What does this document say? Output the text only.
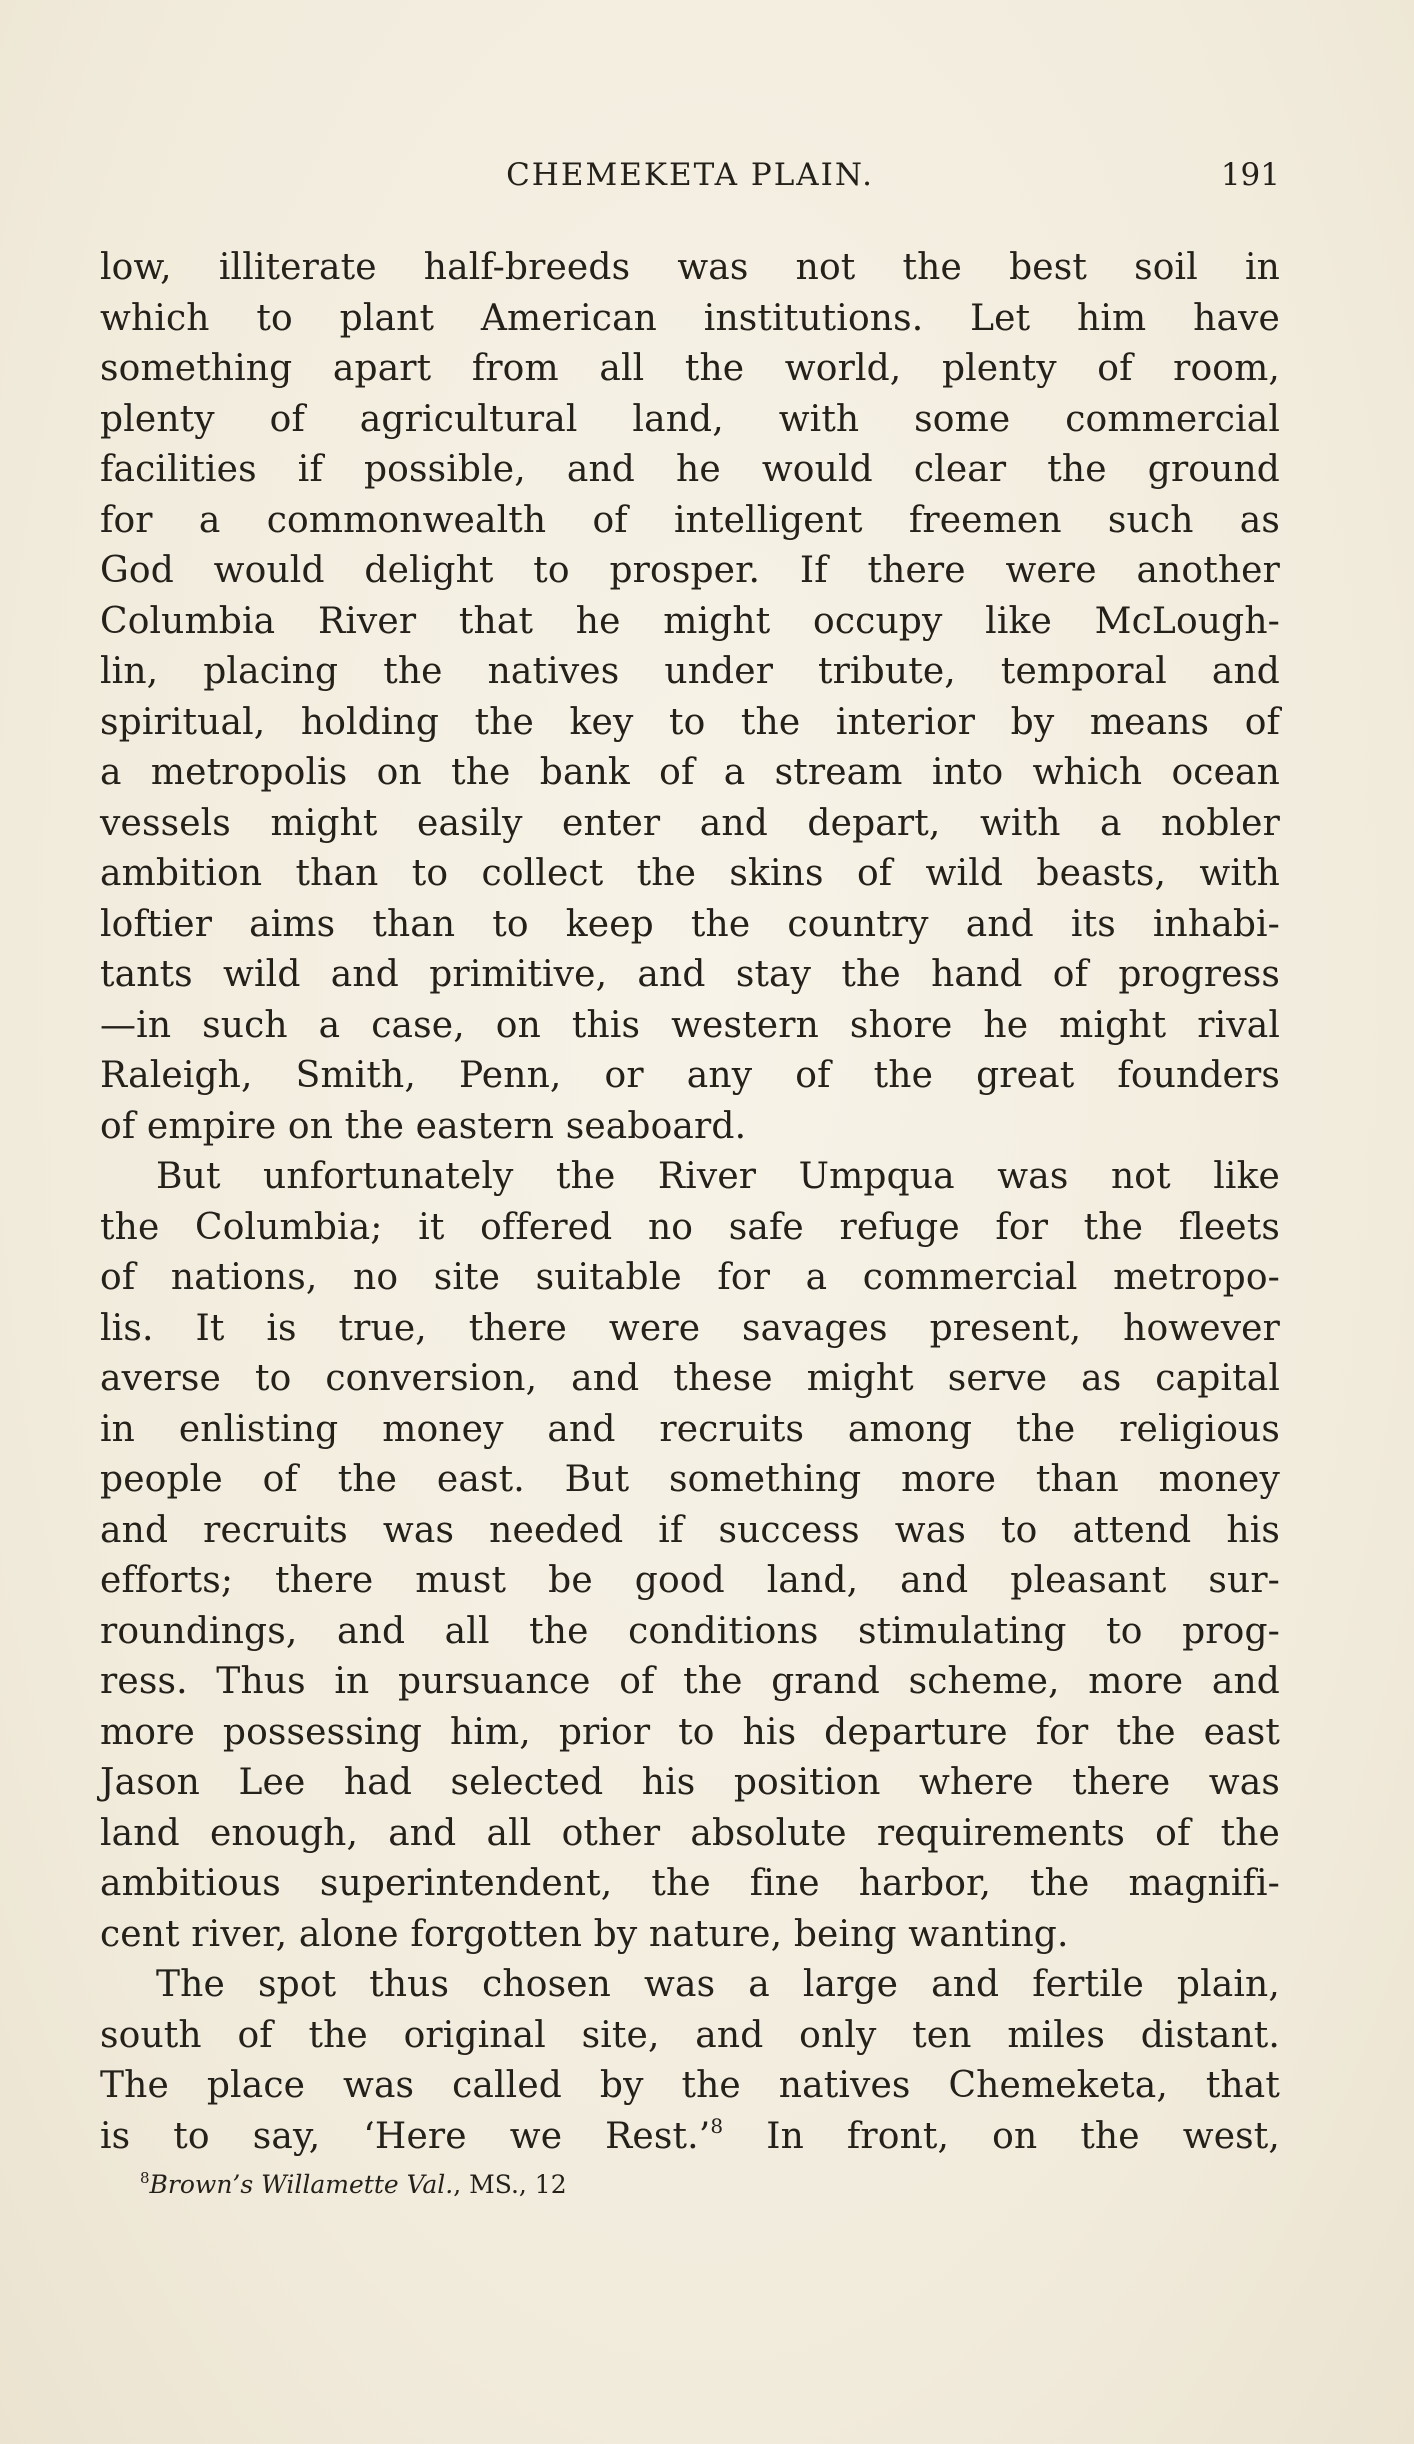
CHEMEKETA PLAIN.	191
low, illiterate half-breeds was not the best soil in
which to plant American institutions. Let him have
something apart from all the world, plenty of room,
plenty of agricultural land, with some commercial
facilities if possible, and he would clear the ground
for a commonwealth of intelligent freemen such as
God would delight to prosper. If there were another
Columbia River that he might occupy like McLough-
lin, placing the natives under tribute, temporal and
spiritual, holding the key to the interior by means of
a metropolis on the bank of a stream into which ocean
vessels might easily enter and depart, with a nobler
ambition than to collect the skins of wild beasts, with
loftier aims than to keep the country and its inhabi-
tants wild and primitive, and stay the hand of progress
—in such a case, on this western shore he might rival
Raleigh, Smith, Penn, or any of the great founders
of empire on the eastern seaboard.
But unfortunately the River Umpqua was not like
the Columbia; it offered no safe refuge for the fleets
of nations, no site suitable for a commercial metropo-
lis. It is true, there were savages present, however
averse to conversion, and these might serve as capital
in enlisting money and recruits among the religious
people of the east. But something more than money
and recruits was needed if success was to attend his
efforts; there must be good land, and pleasant sur-
roundings, and all the conditions stimulating to prog-
ress. Thus in pursuance of the grand scheme, more and
more possessing him, prior to his departure for the east
Jason Lee had selected his position where there was
land enough, and all other absolute requirements of the
ambitious superintendent, the fine harbor, the magnifi-
cent river, alone forgotten by nature, being wanting.
The spot thus chosen was a large and fertile plain,
south of the original site, and only ten miles distant.
The place was called by the natives Chemeketa, that
is to say, ‘Here we Rest.’$^8$ In front, on the west,
$^8$Brown’s Willamette Val., MS., 12
